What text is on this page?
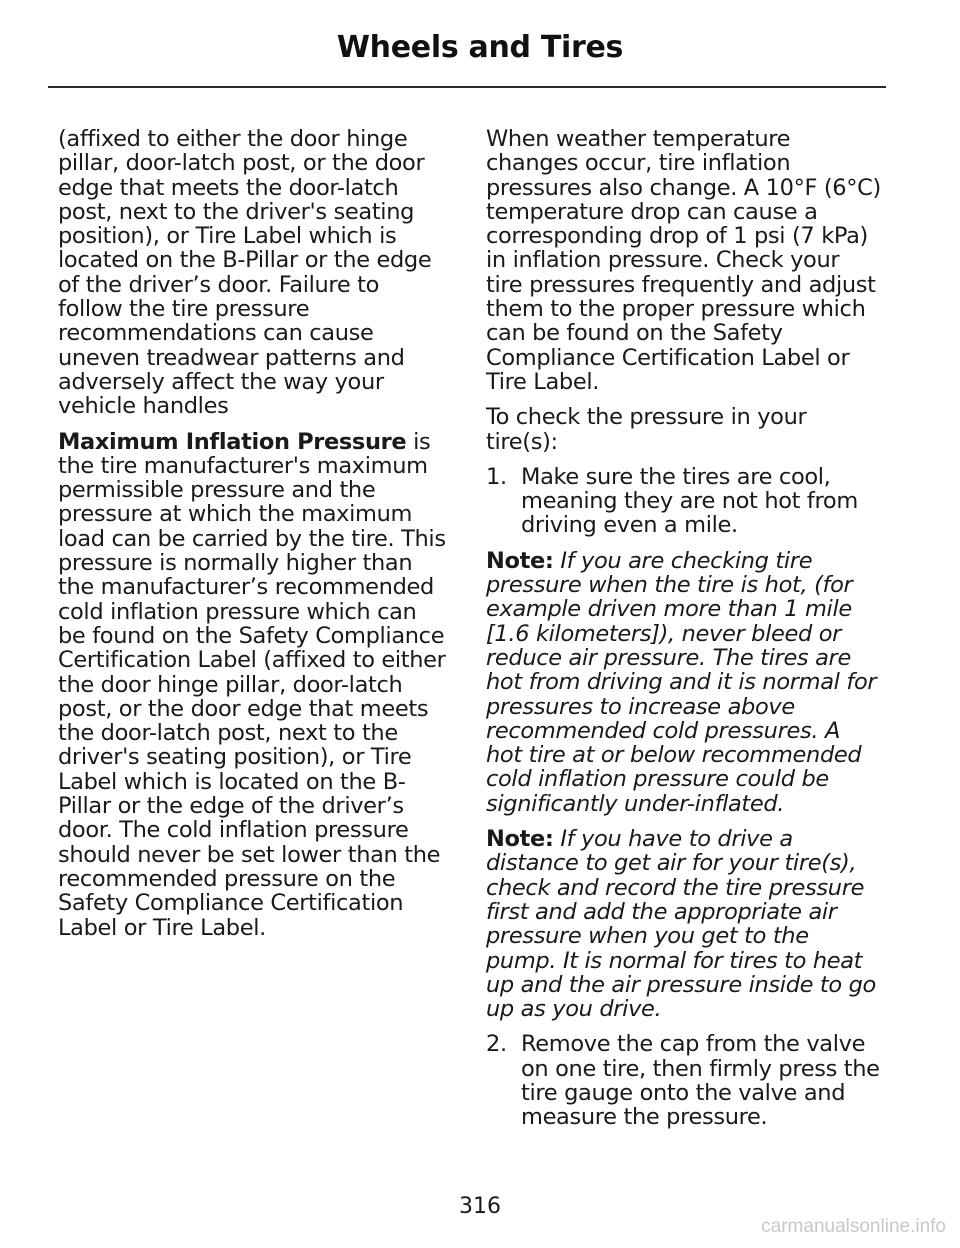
Wheels and Tires

(affixed to either the door hinge pillar, door-latch post, or the door edge that meets the door-latch post, next to the driver's seating position), or Tire Label which is located on the B-Pillar or the edge of the driver’s door. Failure to follow the tire pressure recommendations can cause uneven treadwear patterns and adversely affect the way your vehicle handles

Maximum Inflation Pressure is the tire manufacturer's maximum permissible pressure and the pressure at which the maximum load can be carried by the tire. This pressure is normally higher than the manufacturer’s recommended cold inflation pressure which can be found on the Safety Compliance Certification Label (affixed to either the door hinge pillar, door-latch post, or the door edge that meets the door-latch post, next to the driver's seating position), or Tire Label which is located on the B-Pillar or the edge of the driver’s door. The cold inflation pressure should never be set lower than the recommended pressure on the Safety Compliance Certification Label or Tire Label.

When weather temperature changes occur, tire inflation pressures also change. A 10°F (6°C) temperature drop can cause a corresponding drop of 1 psi (7 kPa) in inflation pressure. Check your tire pressures frequently and adjust them to the proper pressure which can be found on the Safety Compliance Certification Label or Tire Label.

To check the pressure in your tire(s):

1. Make sure the tires are cool, meaning they are not hot from driving even a mile.

Note: If you are checking tire pressure when the tire is hot, (for example driven more than 1 mile [1.6 kilometers]), never bleed or reduce air pressure. The tires are hot from driving and it is normal for pressures to increase above recommended cold pressures. A hot tire at or below recommended cold inflation pressure could be significantly under-inflated.

Note: If you have to drive a distance to get air for your tire(s), check and record the tire pressure first and add the appropriate air pressure when you get to the pump. It is normal for tires to heat up and the air pressure inside to go up as you drive.

2. Remove the cap from the valve on one tire, then firmly press the tire gauge onto the valve and measure the pressure.
316
carmanualsonline.info
